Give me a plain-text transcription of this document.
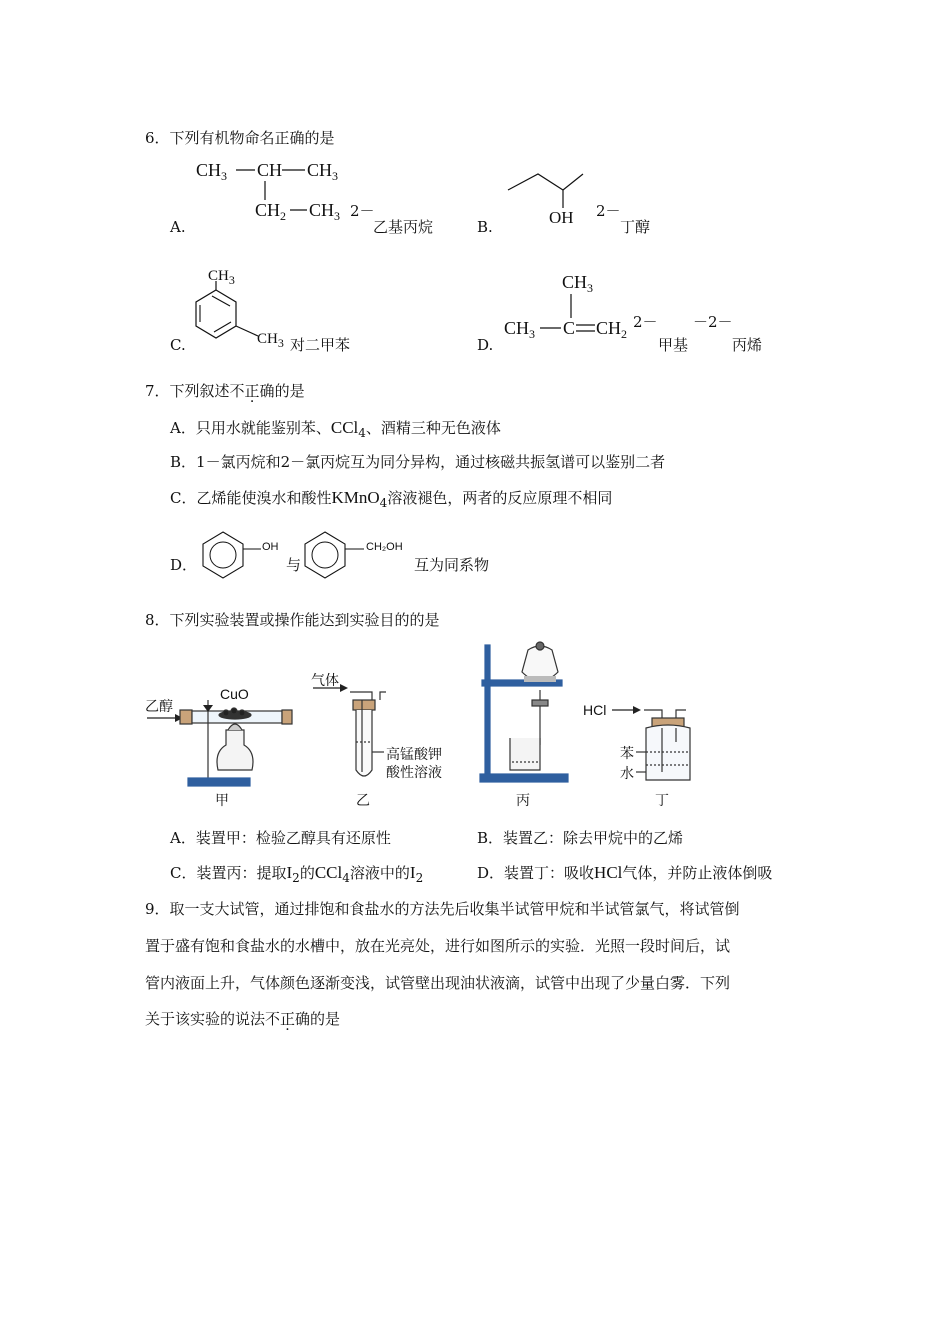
6．下列有机物命名正确的是
A.
$CH_3$ CH $CH_3$
$CH_2$ $CH_3$ 2－
乙基丙烷	B.	OH 2－
丁醇
C.
$CH_3$
$CH_3$ 对二甲苯	D.
$CH_3$
$CH_3$ C $CH_2$
2－
甲基
－2－
丙烯
7．下列叙述不正确的是
A．只用水就能鉴别苯、CCl$_4$、酒精三种无色液体
B．1－氯丙烷和2－氯丙烷互为同分异构，通过核磁共振氢谱可以鉴别二者
C．乙烯能使溴水和酸性KMnO$_4$溶液褪色，两者的反应原理不相同
D．
OH
与
CH₂OH
互为同系物
8．下列实验装置或操作能达到实验目的的是
乙醇
CuO
气体
高锰酸钾
酸性溶液
HCl
苯
水
甲	乙	丙	丁
A．装置甲：检验乙醇具有还原性	B．装置乙：除去甲烷中的乙烯
C．装置丙：提取$I_2$的CCl$_4$溶液中的$I_2$	D．装置丁：吸收HCl气体，并防止液体倒吸
9．取一支大试管，通过排饱和食盐水的方法先后收集半试管甲烷和半试管氯气，将试管倒
置于盛有饱和食盐水的水槽中，放在光亮处，进行如图所示的实验．光照一段时间后，试
管内液面上升，气体颜色逐渐变浅，试管壁出现油状液滴，试管中出现了少量白雾．下列
关于该实验的说法不正确的是
